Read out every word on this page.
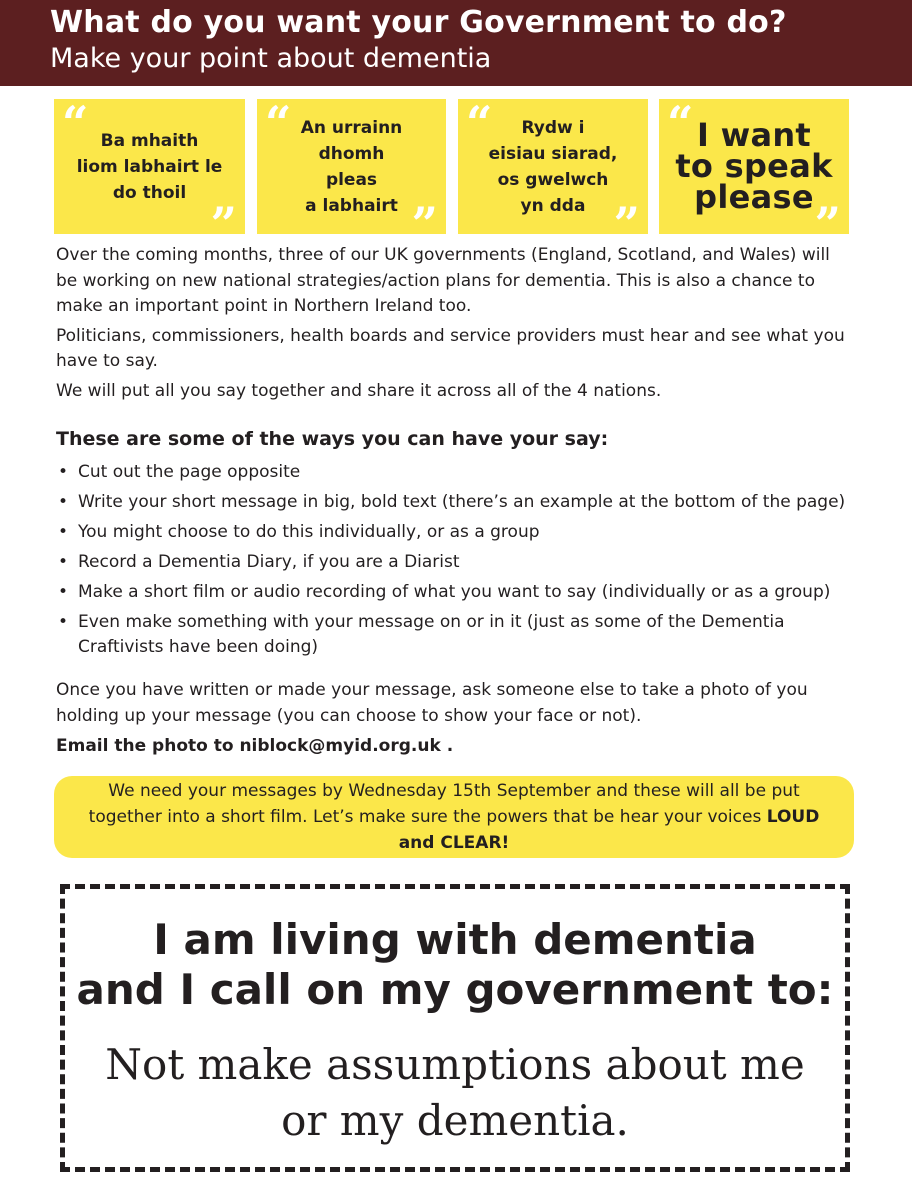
What do you want your Government to do?
Make your point about dementia
“ Ba mhaith
liom labhairt le
do thoil
”
“ An urrainn
dhomh
pleas
a labhairt ”
“	Rydw i
eisiau siarad,
os gwelwch
yn dda ”
“ I want
to speak
please ”

Over the coming months, three of our UK governments (England, Scotland, and Wales) will be working on new national strategies/action plans for dementia. This is also a chance to make an important point in Northern Ireland too.

Politicians, commissioners, health boards and service providers must hear and see what you have to say.

We will put all you say together and share it across all of the 4 nations.

These are some of the ways you can have your say:
• Cut out the page opposite
• Write your short message in big, bold text (there’s an example at the bottom of the page)
• You might choose to do this individually, or as a group
• Record a Dementia Diary, if you are a Diarist
• Make a short film or audio recording of what you want to say (individually or as a group)
• Even make something with your message on or in it (just as some of the Dementia Craftivists have been doing)
Once you have written or made your message, ask someone else to take a photo of you holding up your message (you can choose to show your face or not).
Email the photo to niblock@myid.org.uk .
We need your messages by Wednesday 15th September and these will all be put together into a short film. Let’s make sure the powers that be hear your voices LOUD and CLEAR!
I am living with dementia
and I call on my government to:
Not make assumptions about me
or my dementia.
